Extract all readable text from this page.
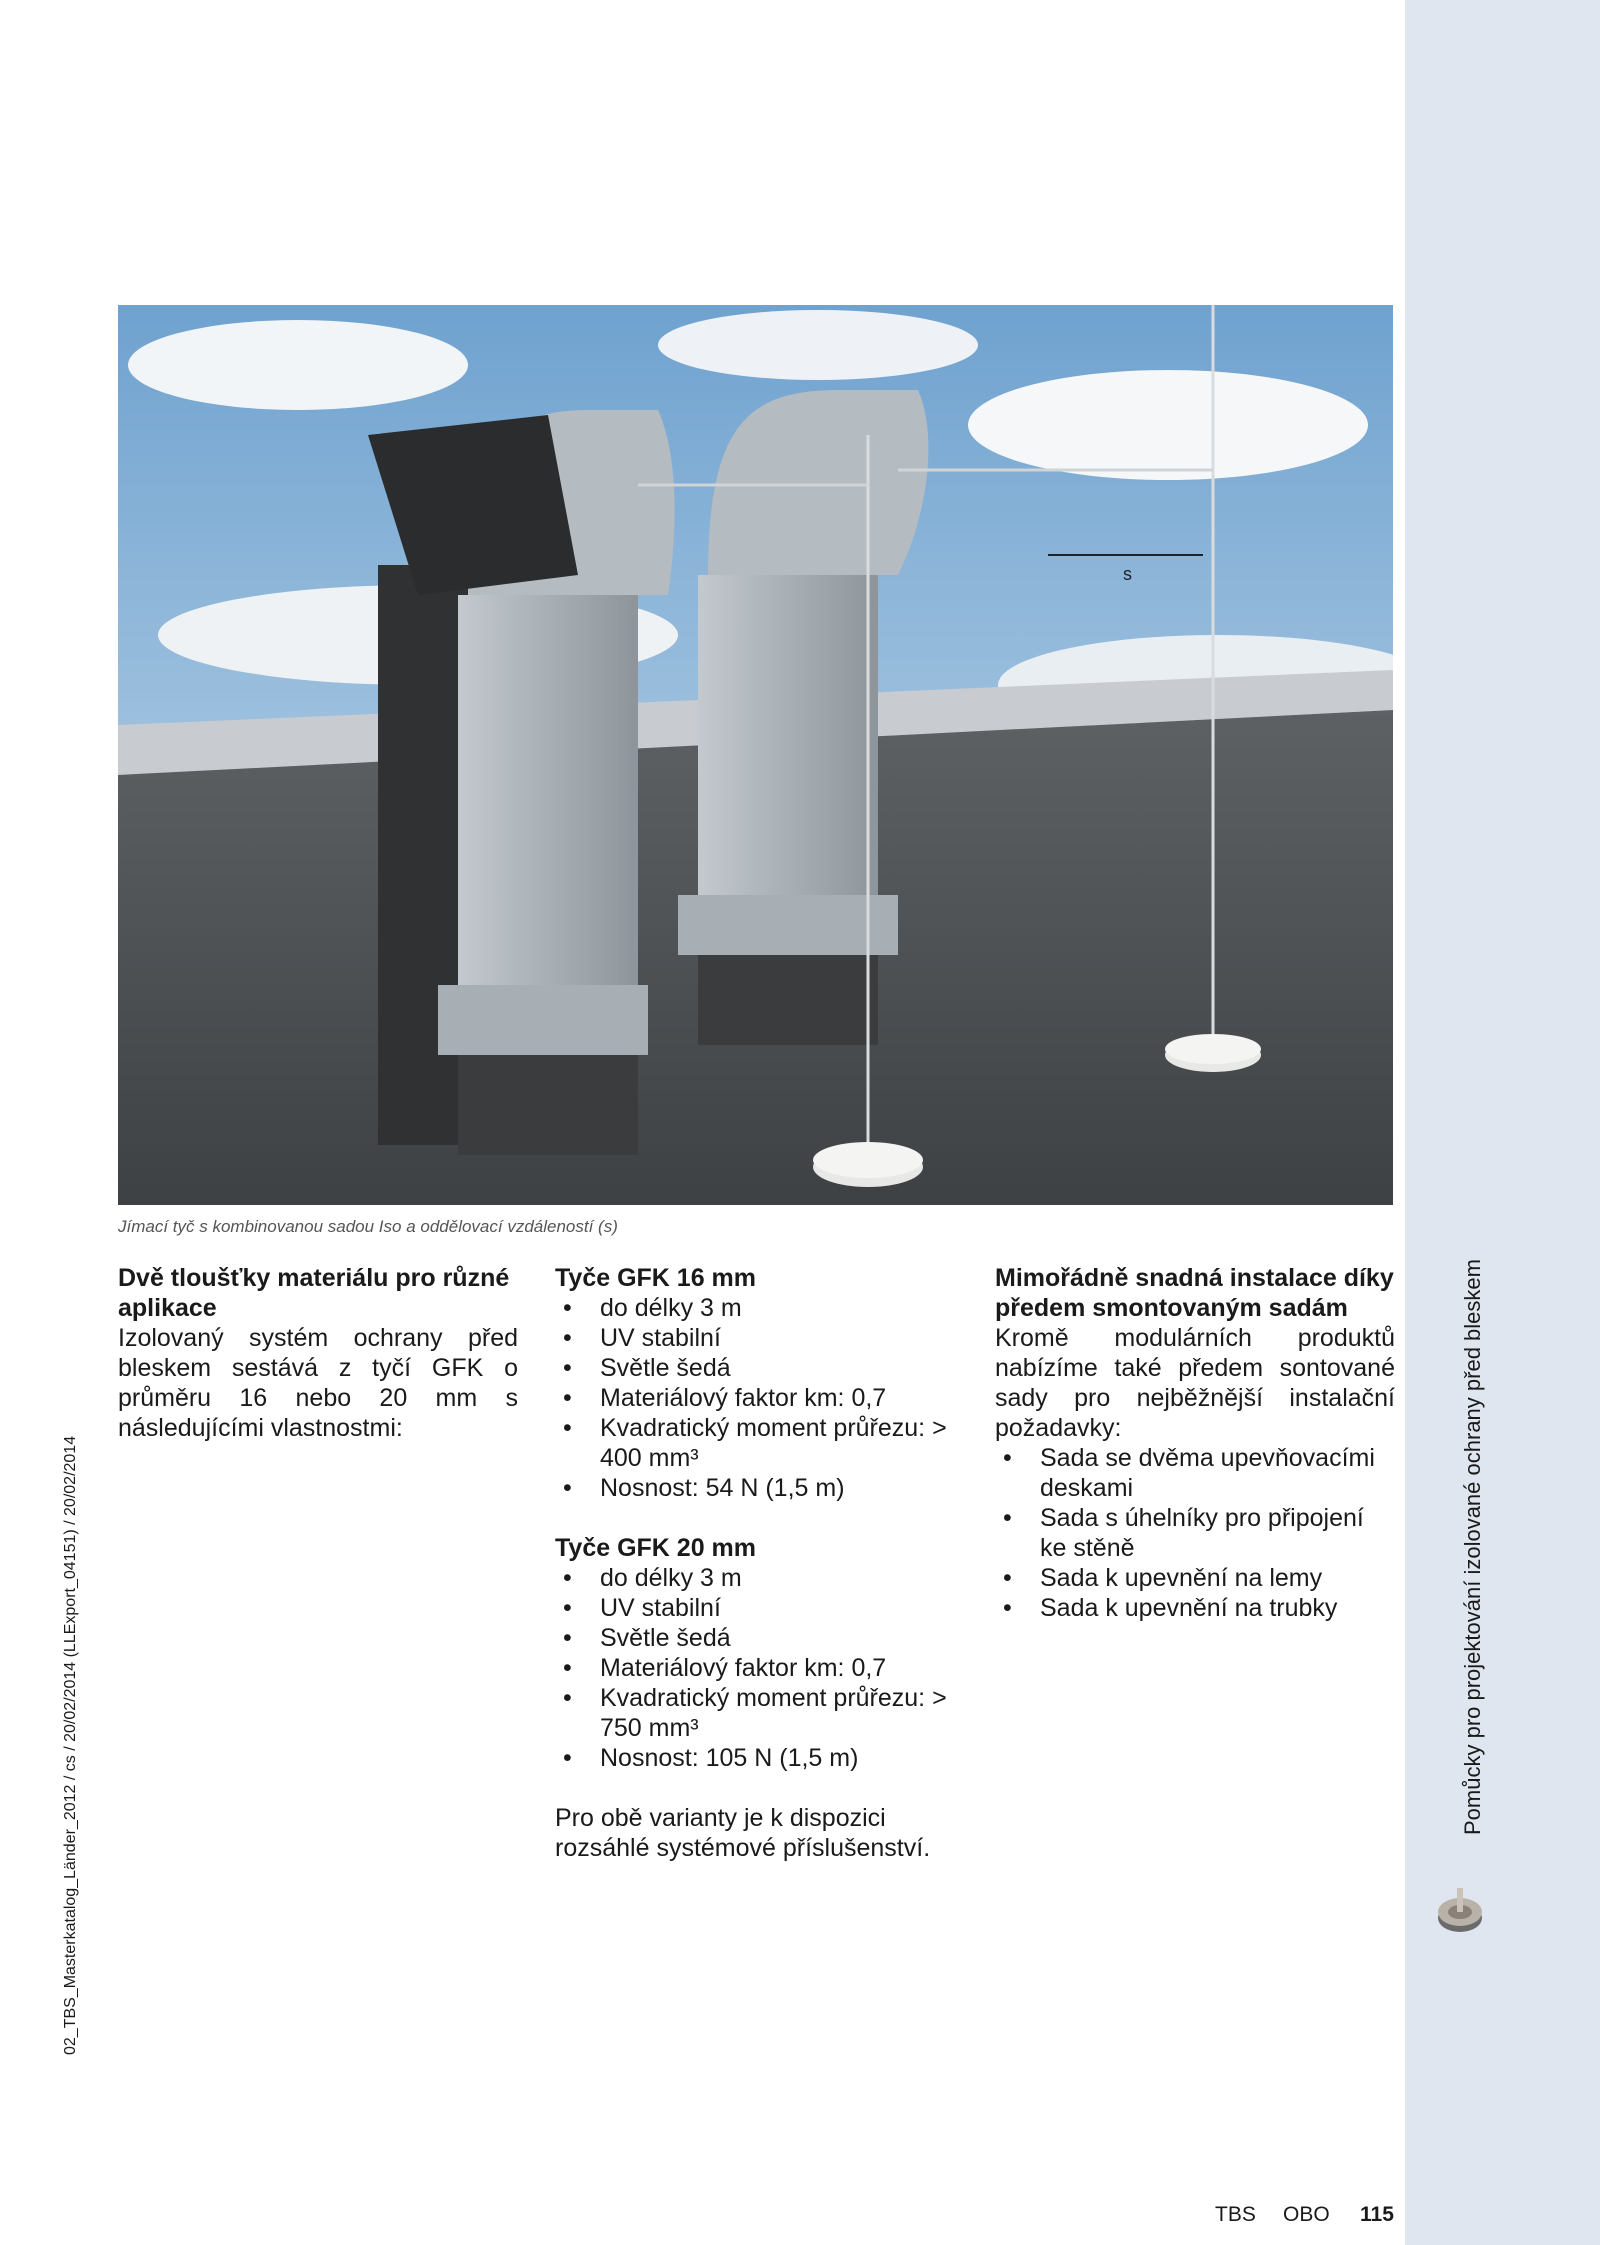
Pomůcky pro projektování izolované ochrany před bleskem
02_TBS_Masterkatalog_Länder_2012 / cs / 20/02/2014 (LLExport_04151) / 20/02/2014
s
Jímací tyč s kombinovanou sadou Iso a oddělovací vzdáleností (s)
Dvě tloušťky materiálu pro různé aplikace

Izolovaný systém ochrany před bleskem sestává z tyčí GFK o průměru 16 nebo 20 mm s následujícími vlastnostmi:

Tyče GFK 16 mm
• do délky 3 m
• UV stabilní
• Světle šedá
• Materiálový faktor km: 0,7
• Kvadratický moment průřezu: > 400 mm³
• Nosnost: 54 N (1,5 m)
Tyče GFK 20 mm
• do délky 3 m
• UV stabilní
• Světle šedá
• Materiálový faktor km: 0,7
• Kvadratický moment průřezu: > 750 mm³
• Nosnost: 105 N (1,5 m)

Pro obě varianty je k dispozici rozsáhlé systémové příslušenství.

Mimořádně snadná instalace díky předem smontovaným sadám

Kromě modulárních produktů nabízíme také předem sontované sady pro nejběžnější instalační požadavky:

• Sada se dvěma upevňovacími deskami
• Sada s úhelníky pro připojení ke stěně
• Sada k upevnění na lemy
• Sada k upevnění na trubky
TBS OBO 115
